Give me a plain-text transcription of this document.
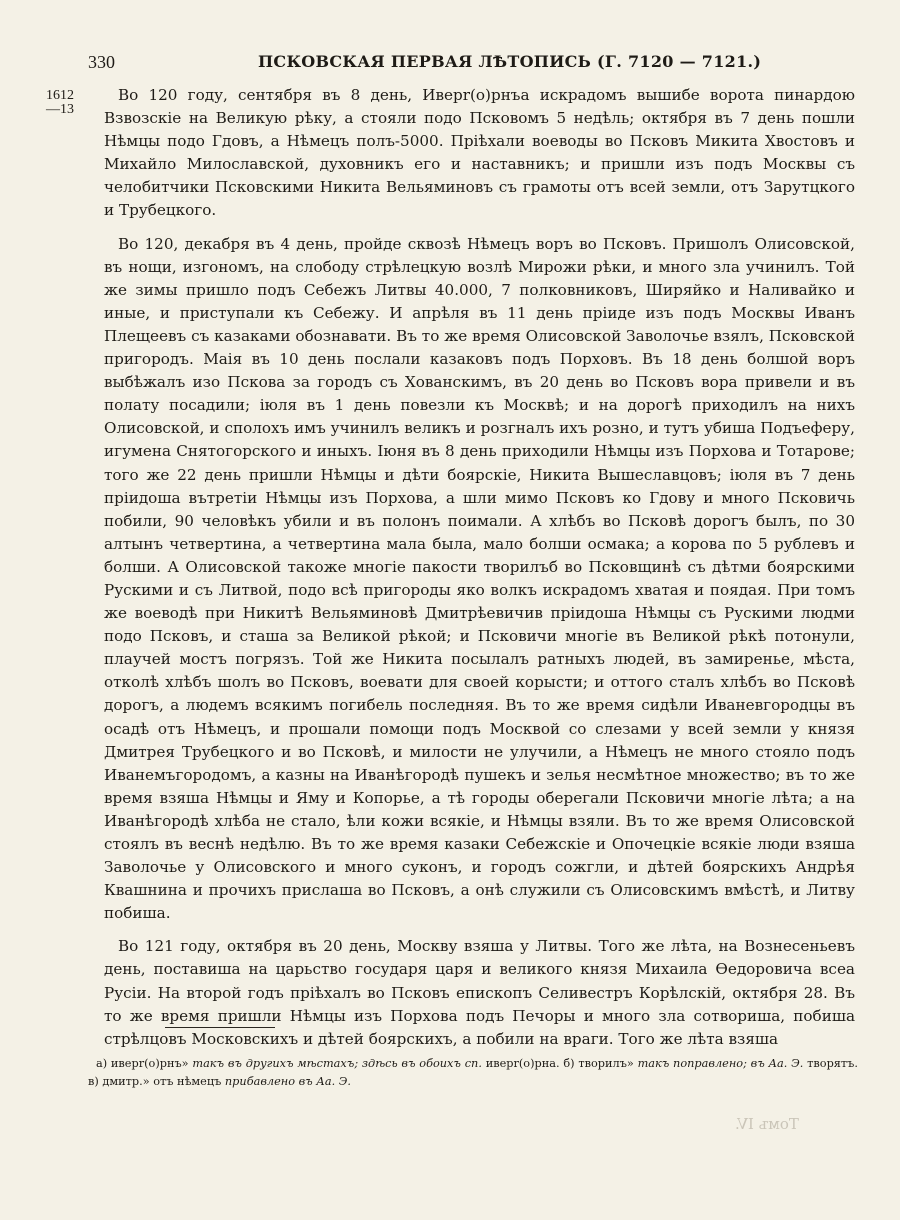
330	ПСКОВСКАЯ ПЕРВАЯ ЛѢТОПИСЬ (Г. 7120 — 7121.)
1612
—13

Во 120 году, сентября въ 8 день, Иверr(о)рнъа искрадомъ вышибе ворота пинардою Взвозскіе на Великую рѣку, а стояли подо Псковомъ 5 недѣль; октября въ 7 день пошли Нѣмцы подо Гдовъ, а Нѣмецъ полъ-5000. Пріѣхали воеводы во Псковъ Микита Хвостовъ и Михайло Милославской, духовникъ его и наставникъ; и пришли изъ подъ Москвы съ челобитчики Псковскими Никита Вельяминовъ съ грамоты отъ всей земли, отъ Зарутцкого и Трубецкого.

Во 120, декабря въ 4 день, пройде сквозѣ Нѣмецъ воръ во Псковъ. Пришолъ Олисовской, въ нощи, изгономъ, на слободу стрѣлецкую возлѣ Мирожи рѣки, и много зла учинилъ. Той же зимы пришло подъ Себежъ Литвы 40.000, 7 полковниковъ, Ширяйко и Наливайко и иные, и приступали къ Себежу. И апрѣля въ 11 день пріиде изъ подъ Москвы Иванъ Плещеевъ съ казаками обознавати. Въ то же время Олисовской Заволочье взялъ, Псковской пригородъ. Маія въ 10 день послали казаковъ подъ Порховъ. Въ 18 день болшой воръ выбѣжалъ изо Пскова за городъ съ Хованскимъ, въ 20 день во Псковъ вора привели и въ полату посадили; іюля въ 1 день повезли къ Москвѣ; и на дорогѣ приходилъ на нихъ Олисовской, и сполохъ имъ учинилъ великъ и розгналъ ихъ розно, и тутъ убиша Подъеферу, игумена Снятогорского и иныхъ. Іюня въ 8 день приходили Нѣмцы изъ Порхова и Тотарове; того же 22 день пришли Нѣмцы и дѣти боярскіе, Никита Вышеславцовъ; іюля въ 7 день пріидоша вътретіи Нѣмцы изъ Порхова, а шли мимо Псковъ ко Гдову и много Псковичь побили, 90 человѣкъ убили и въ полонъ поимали. А хлѣбъ во Псковѣ дорогъ былъ, по 30 алтынъ четвертина, а четвертина мала была, мало болши осмака; а корова по 5 рублевъ и болши. А Олисовской такоже многіе пакости творилъб во Псковщинѣ съ дѣтми боярскими Рускими и съ Литвой, подо всѣ пригороды яко волкъ искрадомъ хватая и поядая. При томъ же воеводѣ при Никитѣ Вельяминовѣ Дмитрѣевичив пріидоша Нѣмцы съ Рускими людми подо Псковъ, и сташа за Великой рѣкой; и Псковичи многіе въ Великой рѣкѣ потонули, плаучей мостъ погрязъ. Той же Никита посылалъ ратныхъ людей, въ замиренье, мѣста, отколѣ хлѣбъ шолъ во Псковъ, воевати для своей корысти; и оттого сталъ хлѣбъ во Псковѣ дорогъ, а людемъ всякимъ погибель последняя. Въ то же время сидѣли Иваневгородцы въ осадѣ отъ Нѣмецъ, и прошали помощи подъ Москвой со слезами у всей земли у князя Дмитрея Трубецкого и во Псковѣ, и милости не улучили, а Нѣмецъ не много стояло подъ Иванемъгородомъ, а казны на Иванѣгородѣ пушекъ и зелья несмѣтное множество; въ то же время взяша Нѣмцы и Яму и Копорье, а тѣ городы оберегали Псковичи многіе лѣта; а на Иванѣгородѣ хлѣба не стало, ѣли кожи всякіе, и Нѣмцы взяли. Въ то же время Олисовской стоялъ въ веснѣ недѣлю. Въ то же время казаки Себежскіе и Опочецкіе всякіе люди взяша Заволочье у Олисовского и много суконъ, и городъ сожгли, и дѣтей боярскихъ Андрѣя Квашнина и прочихъ прислаша во Псковъ, а онѣ служили съ Олисовскимъ вмѣстѣ, и Литву побиша.

Во 121 году, октября въ 20 день, Москву взяша у Литвы. Того же лѣта, на Вознесеньевъ день, поставиша на царьство государя царя и великого князя Михаила Ѳедоровича всеа Русіи. На второй годъ пріѣхалъ во Псковъ епископъ Селивестръ Корѣлскій, октября 28. Въ то же время пришли Нѣмцы изъ Порхова подъ Печоры и много зла сотвориша, побиша стрѣлцовъ Московскихъ и дѣтей боярскихъ, а побили на враги. Того же лѣта взяша

а) иверr(о)рнъ» такъ въ другихъ мѣстахъ; здѣсь въ обоихъ сп. иверr(о)рна. б) творилъ» такъ поправлено; въ Аа. Э. творятъ. в) дмитр.» отъ нѣмецъ прибавлено въ Аа. Э.
Томъ IV.
